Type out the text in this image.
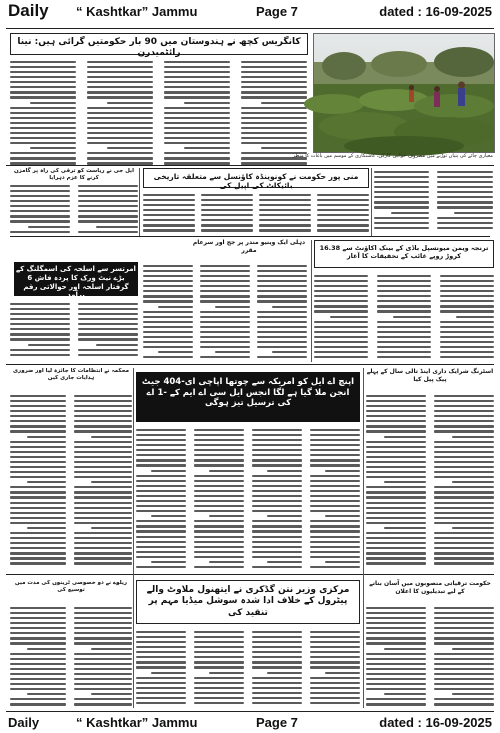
Daily “ Kashtkar” Jammu	Page 7	dated : 16-09-2025
کانگریس کچھ نے ہندوستان میں 90 بار حکومتیں گرائی ہیں: نینا رائٹمیدرن
معیاری چائے کی پتیاں توڑنے میں مصروف خواتین کارکن، کاشتکاری کے موسم میں باغات کا منظر
ایل جی نے ریاست کو ترقی کی راہ پر گامزن کرنے کا عزم دہرایا	منی پور حکومت نے کونوینڈہ کاؤنسل سے متعلقہ تاریخی بائیکاٹ کی اپیل کی
امرتسر سے اسلحہ کی اسمگلنگ کے بڑے نیٹ ورک کا پردہ فاش 6 گرفتار اسلحہ اور حوالاتی رقم برآمد
دہلی ایک وینیو مندر پر جج اور سرعام مقرر	ترنجہ ویمن میونسپل باڈی کے بینک اکاؤنٹ سے 16.38 کروڑ روپے غائب کے تحقیقات کا آغاز
محکمہ نے انتظامات کا جائزہ لیا اور ضروری ہدایات جاری کیں	اپنچ اے ایل کو امریکہ سے چوتھا اپاچی ای-404 جیٹ انجن ملا گیا ہے لگا انجس ایل سی اے ایم کے -1 اے کی ترسیل تیز ہوگی
اسٹرنگ شرایک داری اینڈ تالی سال کے پہلے پیک پیل کیا
ریلوے نے دو خصوصی ٹرینوں کی مدت میں توسیع کی	مرکزی وزیر نتن گڈکری نے ایتھنول ملاوٹ والے پیٹرول کے خلاف ادا شدہ سوشل میڈیا مہم پر تنقید کی
حکومت ترقیاتی منصوبوں میں آسان بنانے کے لیے تبدیلیوں کا اعلان
Daily	“ Kashtkar” Jammu	Page 7	dated : 16-09-2025
